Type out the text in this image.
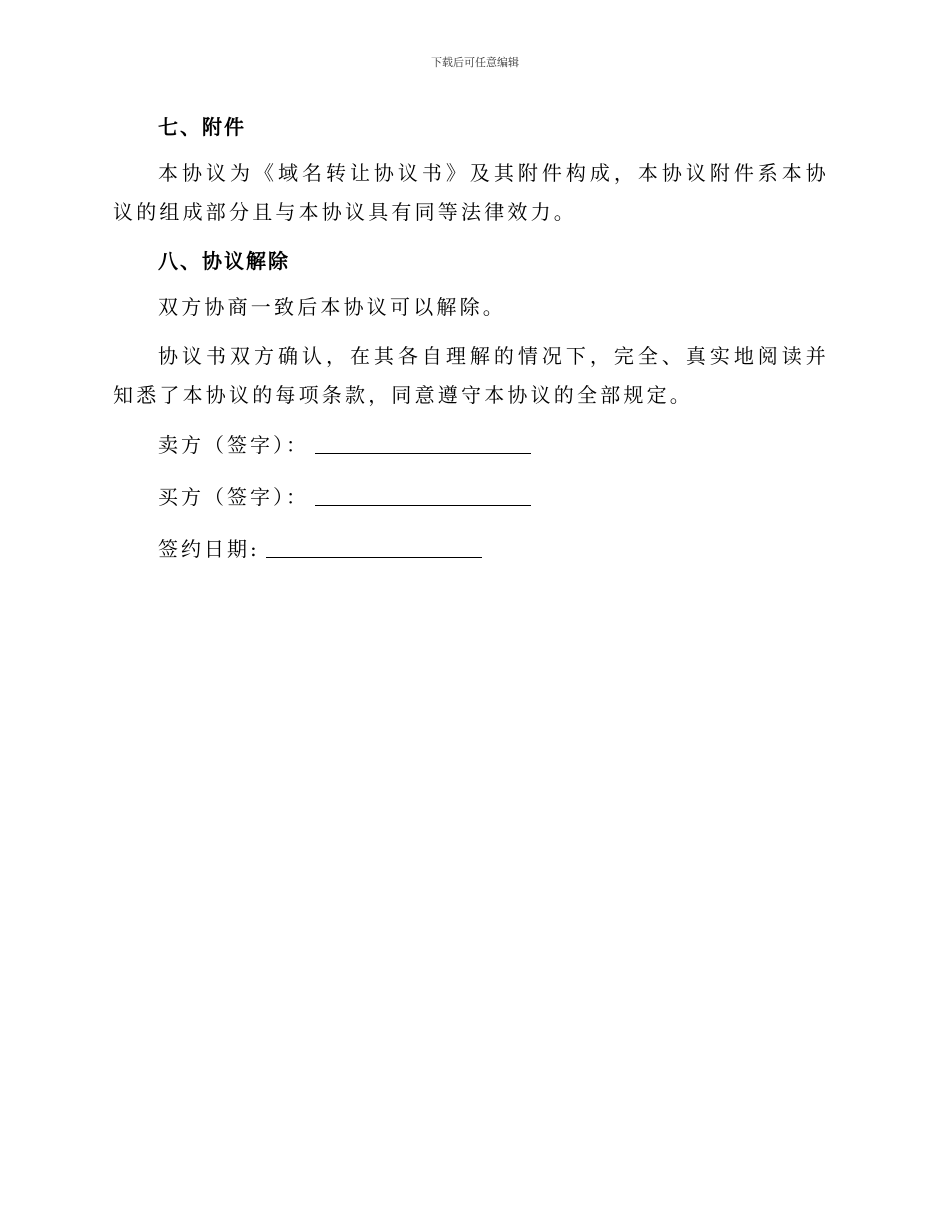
下载后可任意编辑
七、附件

本协议为《域名转让协议书》及其附件构成，本协议附件系本协议的组成部分且与本协议具有同等法律效力。

八、协议解除

双方协商一致后本协议可以解除。

协议书双方确认，在其各自理解的情况下，完全、真实地阅读并知悉了本协议的每项条款，同意遵守本协议的全部规定。

卖方（签字）：
买方（签字）：
签约日期:
